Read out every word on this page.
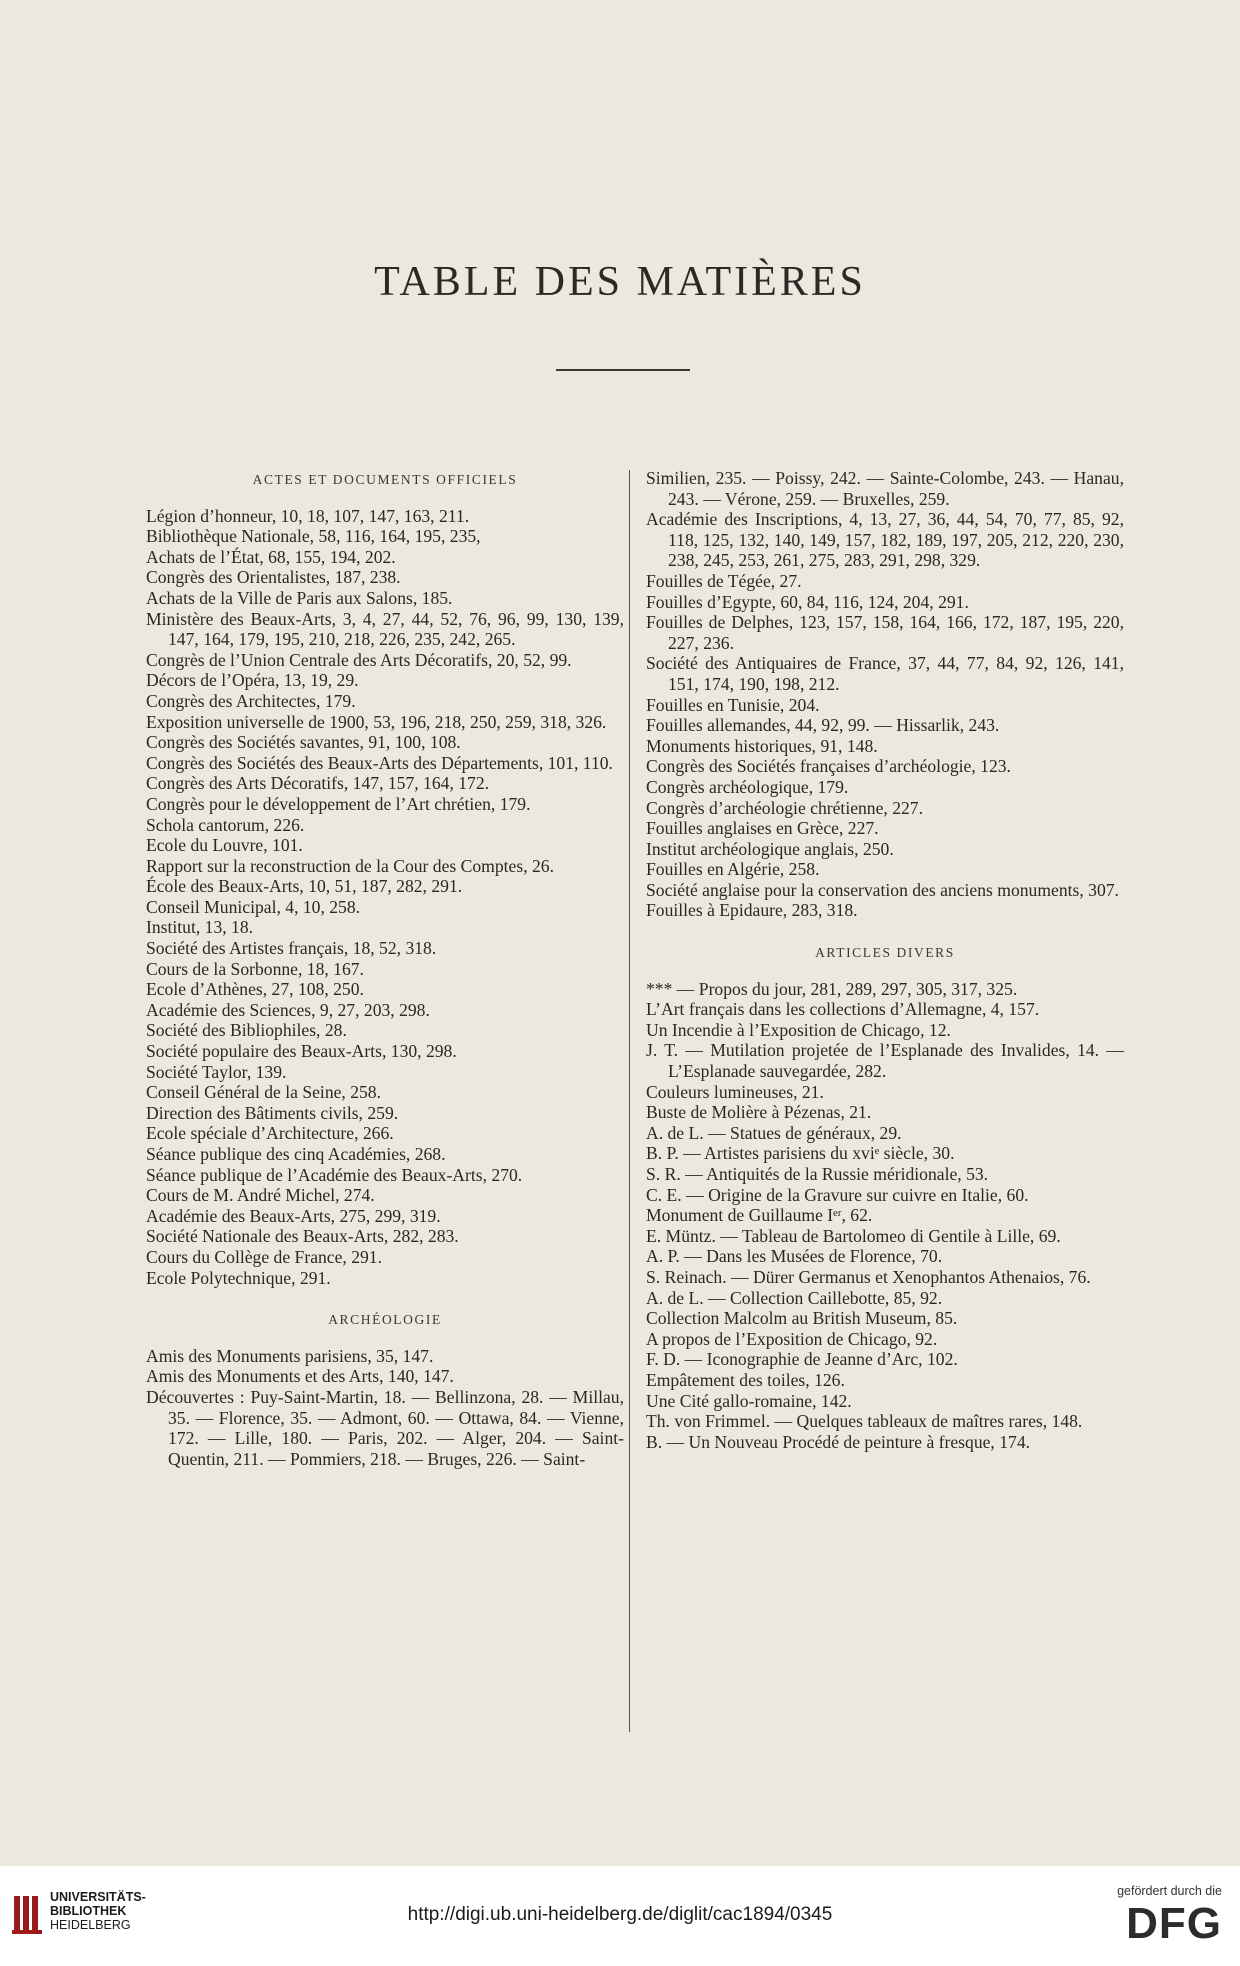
TABLE DES MATIÈRES
ACTES ET DOCUMENTS OFFICIELS

Légion d’honneur, 10, 18, 107, 147, 163, 211.

Bibliothèque Nationale, 58, 116, 164, 195, 235,

Achats de l’État, 68, 155, 194, 202.

Congrès des Orientalistes, 187, 238.

Achats de la Ville de Paris aux Salons, 185.

Ministère des Beaux-Arts, 3, 4, 27, 44, 52, 76, 96, 99, 130, 139, 147, 164, 179, 195, 210, 218, 226, 235, 242, 265.

Congrès de l’Union Centrale des Arts Décoratifs, 20, 52, 99.

Décors de l’Opéra, 13, 19, 29.

Congrès des Architectes, 179.

Exposition universelle de 1900, 53, 196, 218, 250, 259, 318, 326.

Congrès des Sociétés savantes, 91, 100, 108.

Congrès des Sociétés des Beaux-Arts des Départements, 101, 110.

Congrès des Arts Décoratifs, 147, 157, 164, 172.

Congrès pour le développement de l’Art chrétien, 179.

Schola cantorum, 226.

Ecole du Louvre, 101.

Rapport sur la reconstruction de la Cour des Comptes, 26.

École des Beaux-Arts, 10, 51, 187, 282, 291.

Conseil Municipal, 4, 10, 258.

Institut, 13, 18.

Société des Artistes français, 18, 52, 318.

Cours de la Sorbonne, 18, 167.

Ecole d’Athènes, 27, 108, 250.

Académie des Sciences, 9, 27, 203, 298.

Société des Bibliophiles, 28.

Société populaire des Beaux-Arts, 130, 298.

Société Taylor, 139.

Conseil Général de la Seine, 258.

Direction des Bâtiments civils, 259.

Ecole spéciale d’Architecture, 266.

Séance publique des cinq Académies, 268.

Séance publique de l’Académie des Beaux-Arts, 270.

Cours de M. André Michel, 274.

Académie des Beaux-Arts, 275, 299, 319.

Société Nationale des Beaux-Arts, 282, 283.

Cours du Collège de France, 291.

Ecole Polytechnique, 291.

ARCHÉOLOGIE

Amis des Monuments parisiens, 35, 147.

Amis des Monuments et des Arts, 140, 147.

Découvertes : Puy-Saint-Martin, 18. — Bellinzona, 28. — Millau, 35. — Florence, 35. — Admont, 60. — Ottawa, 84. — Vienne, 172. — Lille, 180. — Paris, 202. — Alger, 204. — Saint-Quentin, 211. — Pommiers, 218. — Bruges, 226. — Saint-

Similien, 235. — Poissy, 242. — Sainte-Colombe, 243. — Hanau, 243. — Vérone, 259. — Bruxelles, 259.

Académie des Inscriptions, 4, 13, 27, 36, 44, 54, 70, 77, 85, 92, 118, 125, 132, 140, 149, 157, 182, 189, 197, 205, 212, 220, 230, 238, 245, 253, 261, 275, 283, 291, 298, 329.

Fouilles de Tégée, 27.

Fouilles d’Egypte, 60, 84, 116, 124, 204, 291.

Fouilles de Delphes, 123, 157, 158, 164, 166, 172, 187, 195, 220, 227, 236.

Société des Antiquaires de France, 37, 44, 77, 84, 92, 126, 141, 151, 174, 190, 198, 212.

Fouilles en Tunisie, 204.

Fouilles allemandes, 44, 92, 99. — Hissarlik, 243.

Monuments historiques, 91, 148.

Congrès des Sociétés françaises d’archéologie, 123.

Congrès archéologique, 179.

Congrès d’archéologie chrétienne, 227.

Fouilles anglaises en Grèce, 227.

Institut archéologique anglais, 250.

Fouilles en Algérie, 258.

Société anglaise pour la conservation des anciens monuments, 307.

Fouilles à Epidaure, 283, 318.

ARTICLES DIVERS

*** — Propos du jour, 281, 289, 297, 305, 317, 325.

L’Art français dans les collections d’Allemagne, 4, 157.

Un Incendie à l’Exposition de Chicago, 12.

J. T. — Mutilation projetée de l’Esplanade des Invalides, 14. — L’Esplanade sauvegardée, 282.

Couleurs lumineuses, 21.

Buste de Molière à Pézenas, 21.

A. de L. — Statues de généraux, 29.

B. P. — Artistes parisiens du xviᵉ siècle, 30.

S. R. — Antiquités de la Russie méridionale, 53.

C. E. — Origine de la Gravure sur cuivre en Italie, 60.

Monument de Guillaume Iᵉʳ, 62.

E. Müntz. — Tableau de Bartolomeo di Gentile à Lille, 69.

A. P. — Dans les Musées de Florence, 70.

S. Reinach. — Dürer Germanus et Xenophantos Athenaios, 76.

A. de L. — Collection Caillebotte, 85, 92.

Collection Malcolm au British Museum, 85.

A propos de l’Exposition de Chicago, 92.

F. D. — Iconographie de Jeanne d’Arc, 102.

Empâtement des toiles, 126.

Une Cité gallo-romaine, 142.

Th. von Frimmel. — Quelques tableaux de maîtres rares, 148.

B. — Un Nouveau Procédé de peinture à fresque, 174.

UNIVERSITÄTS-
BIBLIOTHEK
HEIDELBERG	http://digi.ub.uni-heidelberg.de/diglit/cac1894/0345
gefördert durch die
DFG
